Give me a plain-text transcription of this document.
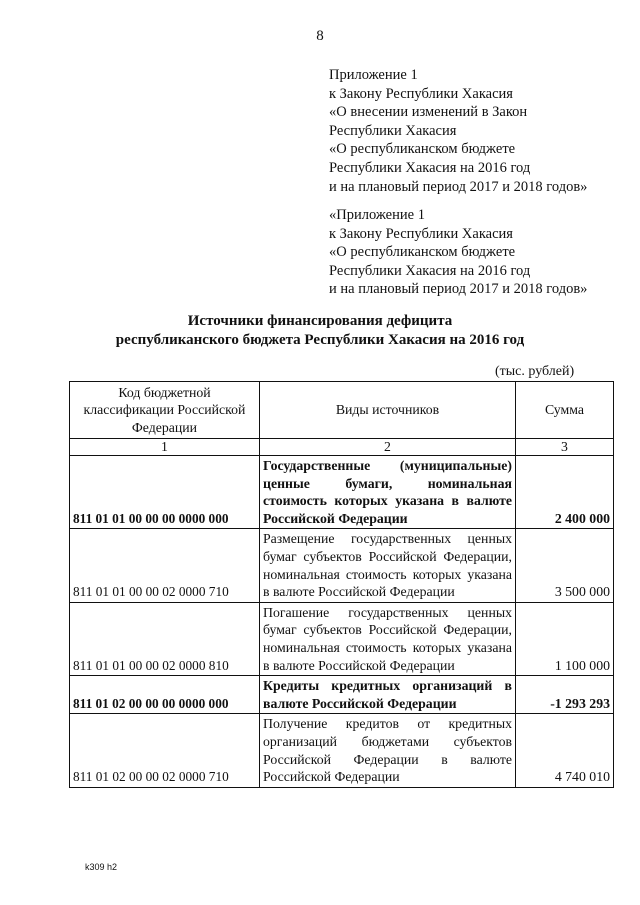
8
Приложение 1
к Закону Республики Хакасия
«О внесении изменений в Закон
Республики Хакасия
«О республиканском бюджете
Республики Хакасия на 2016 год
и на плановый период 2017 и 2018 годов»
«Приложение 1
к Закону Республики Хакасия
«О республиканском бюджете
Республики Хакасия на 2016 год
и на плановый период 2017 и 2018 годов»
Источники финансирования дефицита
республиканского бюджета Республики Хакасия на 2016 год
(тыс. рублей)
Код бюджетной классификации Российской Федерации	Виды источников	Сумма
1	2	3
811 01 01 00 00 00 0000 000	Государственные (муниципальные) ценные бумаги, номинальная стоимость которых указана в валюте Российской Федерации	2 400 000
811 01 01 00 00 02 0000 710	Размещение государственных ценных бумаг субъектов Российской Федерации, номинальная стоимость которых указана в валюте Российской Федерации	3 500 000
811 01 01 00 00 02 0000 810	Погашение государственных ценных бумаг субъектов Российской Федерации, номинальная стоимость которых указана в валюте Российской Федерации	1 100 000
811 01 02 00 00 00 0000 000	Кредиты кредитных организаций в валюте Российской Федерации	-1 293 293
811 01 02 00 00 02 0000 710	Получение кредитов от кредитных организаций бюджетами субъектов Российской Федерации в валюте Российской Федерации	4 740 010
k309 h2
